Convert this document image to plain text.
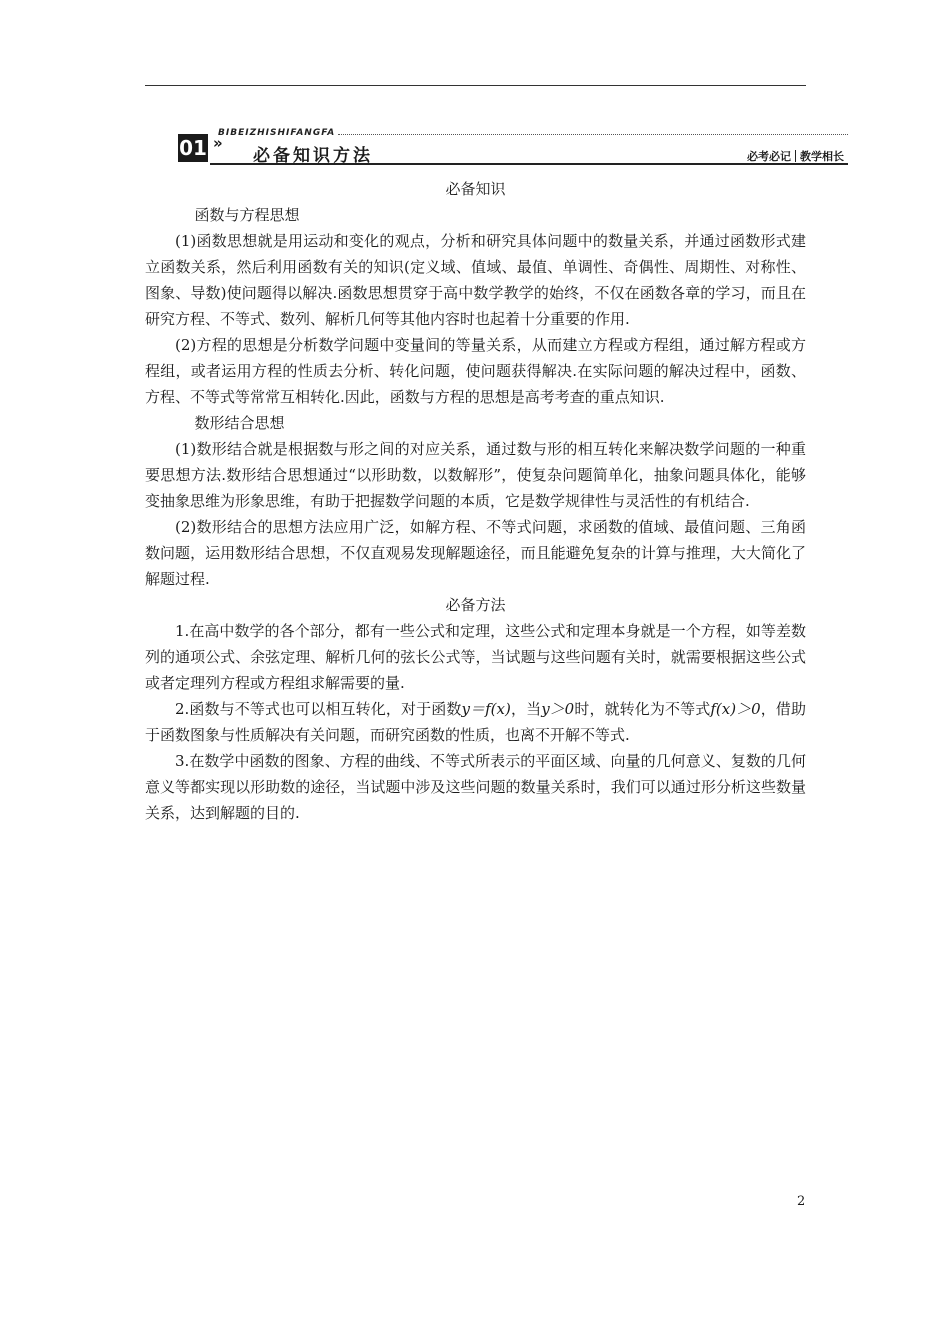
BIBEIZHISHIFANGFA
01 »
必备知识方法	必考必记 教学相长

必备知识

函数与方程思想

(1)函数思想就是用运动和变化的观点，分析和研究具体问题中的数量关系，并通过函数形式建立函数关系，然后利用函数有关的知识(定义域、值域、最值、单调性、奇偶性、周期性、对称性、图象、导数)使问题得以解决.函数思想贯穿于高中数学教学的始终，不仅在函数各章的学习，而且在研究方程、不等式、数列、解析几何等其他内容时也起着十分重要的作用.

(2)方程的思想是分析数学问题中变量间的等量关系，从而建立方程或方程组，通过解方程或方程组，或者运用方程的性质去分析、转化问题，使问题获得解决.在实际问题的解决过程中，函数、方程、不等式等常常互相转化.因此，函数与方程的思想是高考考查的重点知识.

数形结合思想

(1)数形结合就是根据数与形之间的对应关系，通过数与形的相互转化来解决数学问题的一种重要思想方法.数形结合思想通过“以形助数，以数解形”，使复杂问题简单化，抽象问题具体化，能够变抽象思维为形象思维，有助于把握数学问题的本质，它是数学规律性与灵活性的有机结合.

(2)数形结合的思想方法应用广泛，如解方程、不等式问题，求函数的值域、最值问题、三角函数问题，运用数形结合思想，不仅直观易发现解题途径，而且能避免复杂的计算与推理，大大简化了解题过程.

必备方法

1.在高中数学的各个部分，都有一些公式和定理，这些公式和定理本身就是一个方程，如等差数列的通项公式、余弦定理、解析几何的弦长公式等，当试题与这些问题有关时，就需要根据这些公式或者定理列方程或方程组求解需要的量.

2.函数与不等式也可以相互转化，对于函数y＝f(x)，当y＞0时，就转化为不等式f(x)＞0，借助于函数图象与性质解决有关问题，而研究函数的性质，也离不开解不等式.

3.在数学中函数的图象、方程的曲线、不等式所表示的平面区域、向量的几何意义、复数的几何意义等都实现以形助数的途径，当试题中涉及这些问题的数量关系时，我们可以通过形分析这些数量关系，达到解题的目的.

2
